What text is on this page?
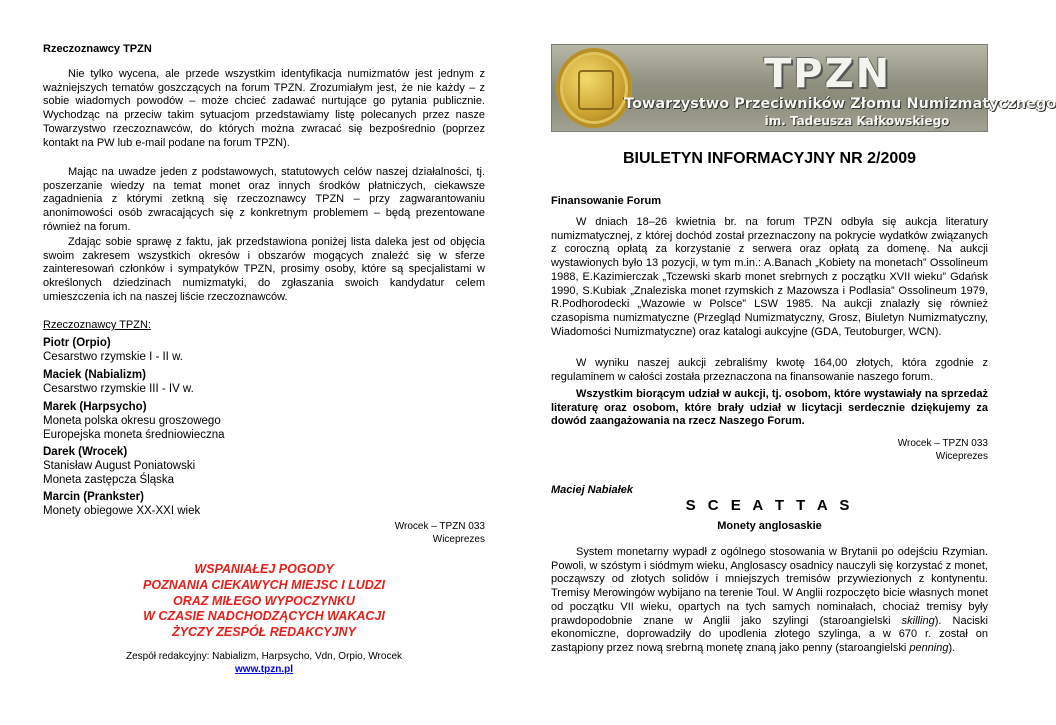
Rzeczoznawcy TPZN

Nie tylko wycena, ale przede wszystkim identyfikacja numizmatów jest jednym z ważniejszych tematów goszczących na forum TPZN. Zrozumiałym jest, że nie każdy – z sobie wiadomych powodów – może chcieć zadawać nurtujące go pytania publicznie. Wychodząc na przeciw takim sytuacjom przedstawiamy listę polecanych przez nasze Towarzystwo rzeczoznawców, do których można zwracać się bezpośrednio (poprzez kontakt na PW lub e-mail podane na forum TPZN).

Mając na uwadze jeden z podstawowych, statutowych celów naszej działalności, tj. poszerzanie wiedzy na temat monet oraz innych środków płatniczych, ciekawsze zagadnienia z którymi zetkną się rzeczoznawcy TPZN – przy zagwarantowaniu anonimowości osób zwracających się z konkretnym problemem – będą prezentowane również na forum.

Zdając sobie sprawę z faktu, jak przedstawiona poniżej lista daleka jest od objęcia swoim zakresem wszystkich okresów i obszarów mogących znaleźć się w sferze zainteresowań członków i sympatyków TPZN, prosimy osoby, które są specjalistami w określonych dziedzinach numizmatyki, do zgłaszania swoich kandydatur celem umieszczenia ich na naszej liście rzeczoznawców.

Rzeczoznawcy TPZN:
Piotr (Orpio)
Cesarstwo rzymskie I - II w.
Maciek (Nabializm)
Cesarstwo rzymskie III - IV w.
Marek (Harpsycho)
Moneta polska okresu groszowego
Europejska moneta średniowieczna
Darek (Wrocek)
Stanisław August Poniatowski
Moneta zastępcza Śląska
Marcin (Prankster)
Monety obiegowe XX-XXI wiek
Wrocek – TPZN 033
Wiceprezes
WSPANIAŁEJ POGODY
POZNANIA CIEKAWYCH MIEJSC I LUDZI
ORAZ MIŁEGO WYPOCZYNKU
W CZASIE NADCHODZĄCYCH WAKACJI
ŻYCZY ZESPÓŁ REDAKCYJNY
Zespół redakcyjny: Nabializm, Harpsycho, Vdn, Orpio, Wrocek
www.tpzn.pl
TPZN
Towarzystwo Przeciwników Złomu Numizmatycznego
im. Tadeusza Kałkowskiego
BIULETYN INFORMACYJNY NR 2/2009
Finansowanie Forum

W dniach 18–26 kwietnia br. na forum TPZN odbyła się aukcja literatury numizmatycznej, z której dochód został przeznaczony na pokrycie wydatków związanych z coroczną opłatą za korzystanie z serwera oraz opłatą za domenę. Na aukcji wystawionych było 13 pozycji, w tym m.in.: A.Banach „Kobiety na monetach” Ossolineum 1988, E.Kazimierczak „Tczewski skarb monet srebrnych z początku XVII wieku” Gdańsk 1990, S.Kubiak „Znaleziska monet rzymskich z Mazowsza i Podlasia” Ossolineum 1979, R.Podhorodecki „Wazowie w Polsce” LSW 1985. Na aukcji znalazły się również czasopisma numizmatyczne (Przegląd Numizmatyczny, Grosz, Biuletyn Numizmatyczny, Wiadomości Numizmatyczne) oraz katalogi aukcyjne (GDA, Teutoburger, WCN).

W wyniku naszej aukcji zebraliśmy kwotę 164,00 złotych, która zgodnie z regulaminem w całości została przeznaczona na finansowanie naszego forum.

Wszystkim biorącym udział w aukcji, tj. osobom, które wystawiały na sprzedaż literaturę oraz osobom, które brały udział w licytacji serdecznie dziękujemy za dowód zaangażowania na rzecz Naszego Forum.

Wrocek – TPZN 033
Wiceprezes
Maciej Nabiałek
S C E A T T A S
Monety anglosaskie

System monetarny wypadł z ogólnego stosowania w Brytanii po odejściu Rzymian. Powoli, w szóstym i siódmym wieku, Anglosascy osadnicy nauczyli się korzystać z monet, począwszy od złotych solidów i mniejszych tremisów przywiezionych z kontynentu. Tremisy Merowingów wybijano na terenie Toul. W Anglii rozpoczęto bicie własnych monet od początku VII wieku, opartych na tych samych nominałach, chociaż tremisy były prawdopodobnie znane w Anglii jako szylingi (staroangielski skilling). Naciski ekonomiczne, doprowadziły do upodlenia złotego szylinga, a w 670 r. został on zastąpiony przez nową srebrną monetę znaną jako penny (staroangielski penning).
